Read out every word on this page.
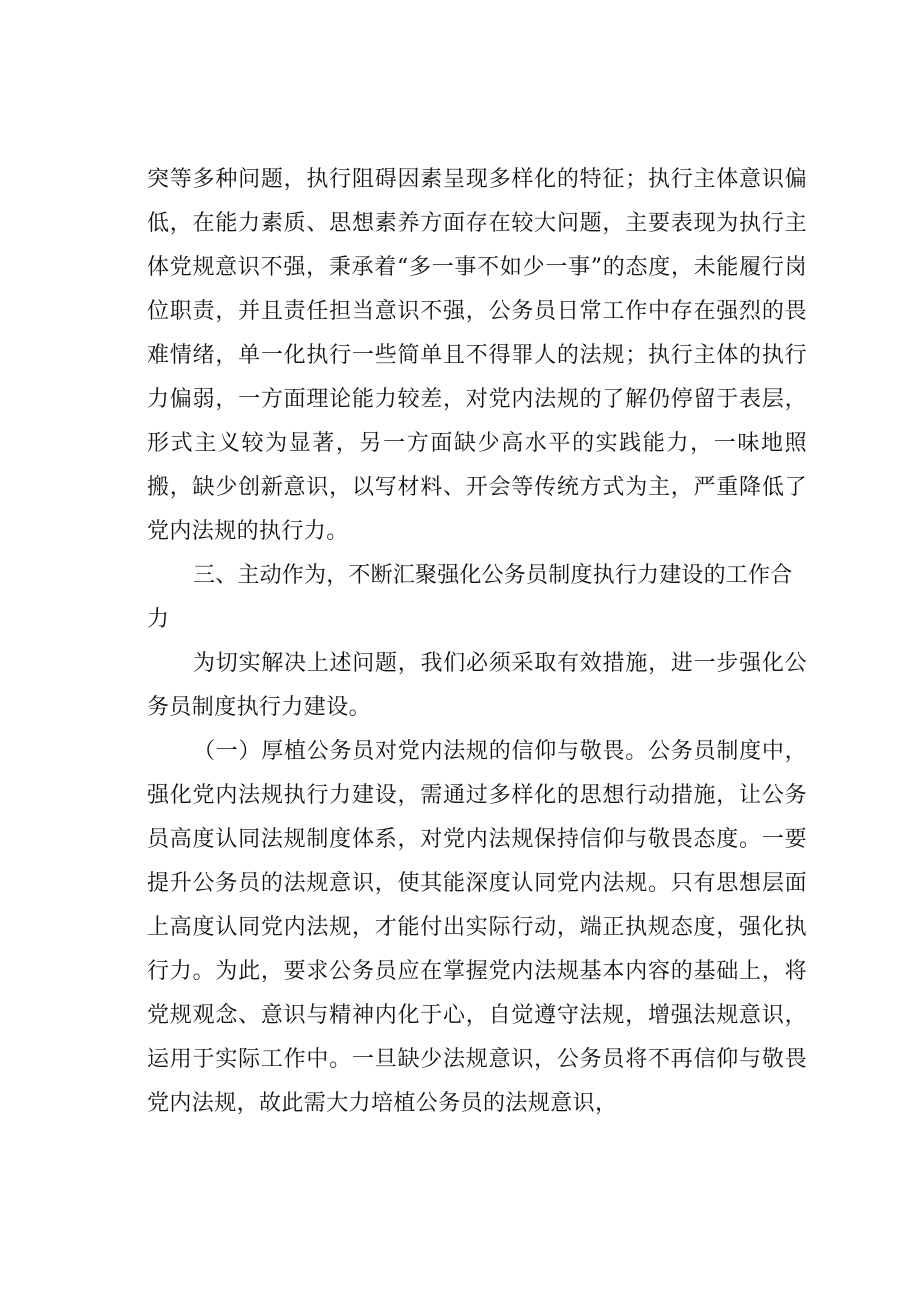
突等多种问题，执行阻碍因素呈现多样化的特征；执行主体意识偏低，在能力素质、思想素养方面存在较大问题，主要表现为执行主体党规意识不强，秉承着“多一事不如少一事”的态度，未能履行岗位职责，并且责任担当意识不强，公务员日常工作中存在强烈的畏难情绪，单一化执行一些简单且不得罪人的法规；执行主体的执行力偏弱，一方面理论能力较差，对党内法规的了解仍停留于表层，形式主义较为显著，另一方面缺少高水平的实践能力，一味地照搬，缺少创新意识，以写材料、开会等传统方式为主，严重降低了党内法规的执行力。

三、主动作为，不断汇聚强化公务员制度执行力建设的工作合力

为切实解决上述问题，我们必须采取有效措施，进一步强化公务员制度执行力建设。

（一）厚植公务员对党内法规的信仰与敬畏。公务员制度中，强化党内法规执行力建设，需通过多样化的思想行动措施，让公务员高度认同法规制度体系，对党内法规保持信仰与敬畏态度。一要提升公务员的法规意识，使其能深度认同党内法规。只有思想层面上高度认同党内法规，才能付出实际行动，端正执规态度，强化执行力。为此，要求公务员应在掌握党内法规基本内容的基础上，将党规观念、意识与精神内化于心，自觉遵守法规，增强法规意识，运用于实际工作中。一旦缺少法规意识，公务员将不再信仰与敬畏党内法规，故此需大力培植公务员的法规意识，
